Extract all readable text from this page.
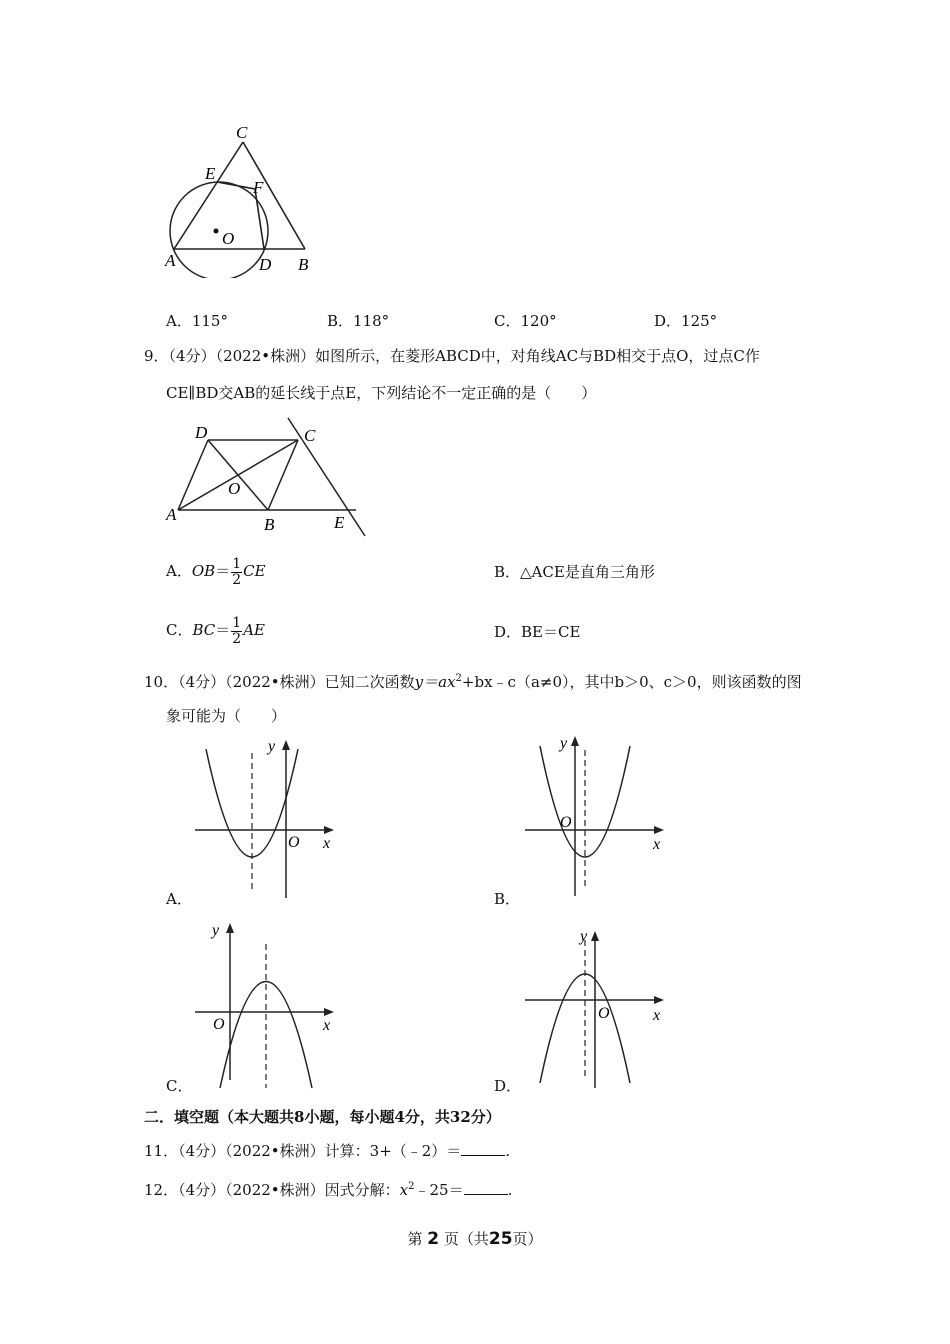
C
E
F
O
A	D B
A．115°	B．118°	C．120°	D．125°
9．（4分）（2022•株洲）如图所示，在菱形ABCD中，对角线AC与BD相交于点O，过点C作
CE∥BD交AB的延长线于点E，下列结论不一定正确的是（　　）
D	C
O
A
B	E
A．$OB= \frac{1}{2}$ CE	B．△ACE是直角三角形
C．$BC= \frac{1}{2}$ AE	D．BE＝CE
10．（4分）（2022•株洲）已知二次函数$y=ax^2+bx﹣c(a\ne 0)$，其中b＞0、c＞0，则该函数的图
象可能为（　　）
y
O x
A．
y
O
x
B．
y
O	x
C．
y
O	x
D．
二．填空题（本大题共8小题，每小题4分，共32分）
11．（4分）（2022•株洲）计算：3+（﹣2）＝	.
12．（4分）（2022•株洲）因式分解：$x^2﹣25=$	.
第 2 页（共25页）
